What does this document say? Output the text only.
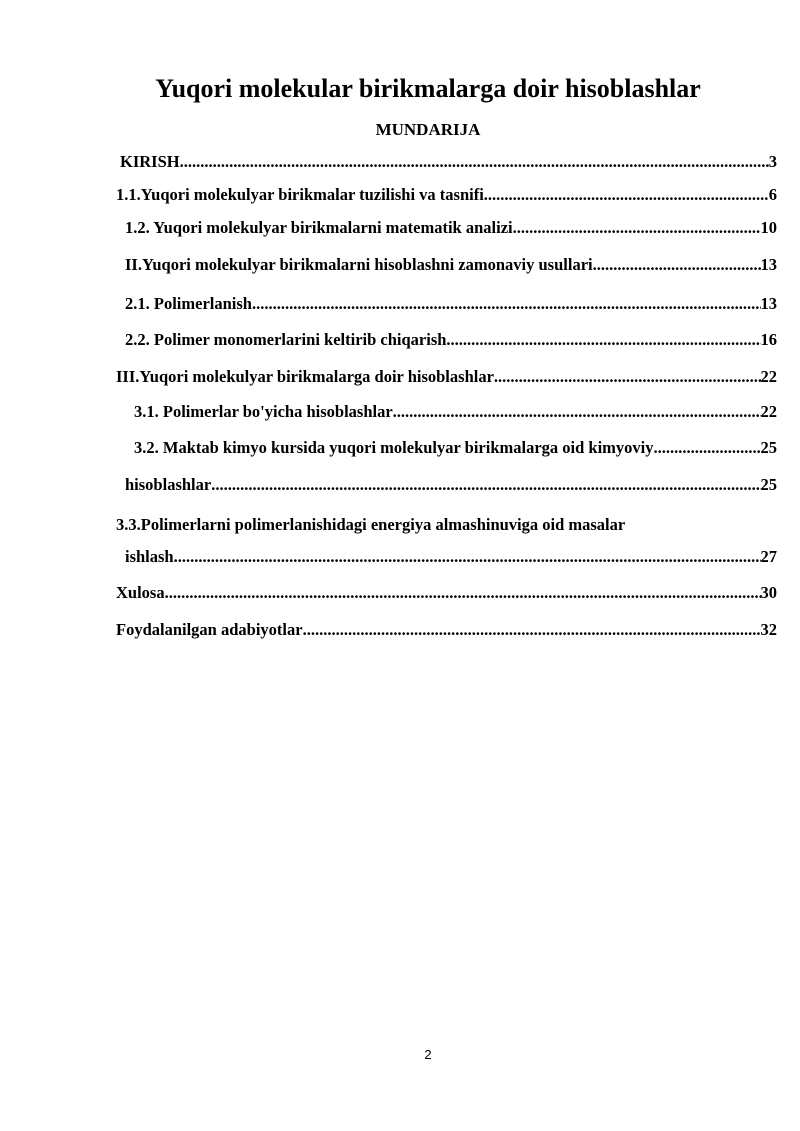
Yuqori molekular birikmalarga doir hisoblashlar
MUNDARIJA
KIRISH .....	3
1.1.Yuqori molekulyar birikmalar tuzilishi va tasnifi .....	6
1.2. Yuqori molekulyar birikmalarni matematik analizi .....	10
II.Yuqori molekulyar birikmalarni hisoblashni zamonaviy usullari .....	13
2.1. Polimerlanish .....	13
2.2. Polimer monomerlarini keltirib chiqarish .....	16
III.Yuqori molekulyar birikmalarga doir hisoblashlar .....	22
3.1. Polimerlar bo'yicha hisoblashlar .....	22
3.2. Maktab kimyo kursida yuqori molekulyar birikmalarga oid kimyoviy .....	25
hisoblashlar .....	25
3.3.Polimerlarni polimerlanishidagi energiya almashinuviga oid masalar
ishlash .....	27
Xulosa .....	30
Foydalanilgan adabiyotlar .....	32
2
